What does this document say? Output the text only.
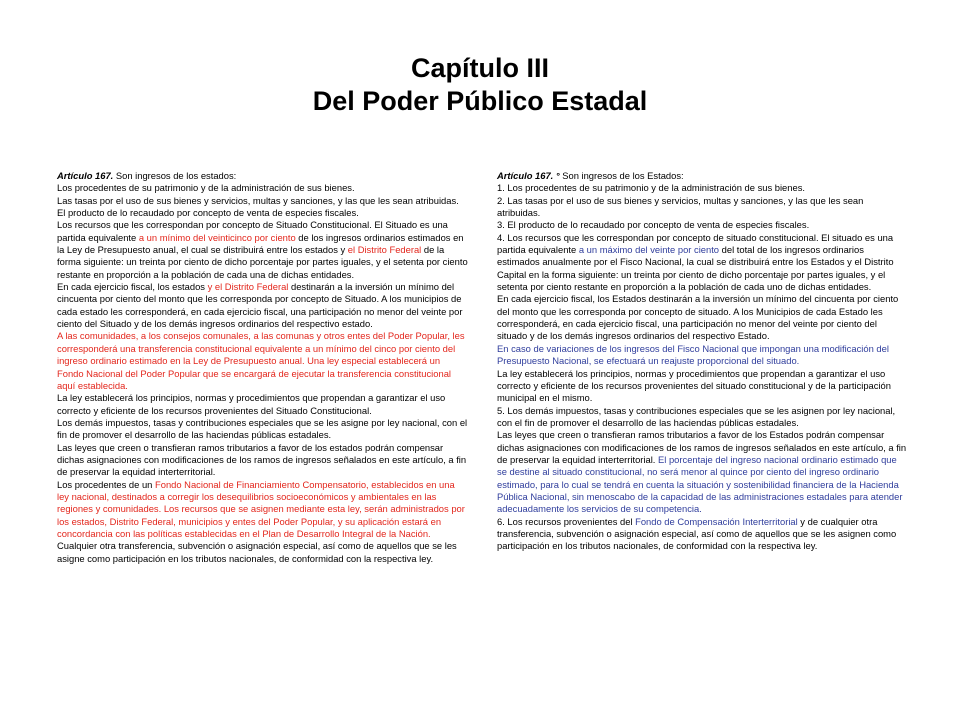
Capítulo III
Del Poder Público Estadal

Artículo 167. Son ingresos de los estados:

Los procedentes de su patrimonio y de la administración de sus bienes.

Las tasas por el uso de sus bienes y servicios, multas y sanciones, y las que les sean atribuidas.

El producto de lo recaudado por concepto de venta de especies fiscales.

Los recursos que les correspondan por concepto de Situado Constitucional. El Situado es una partida equivalente a un mínimo del veinticinco por ciento de los ingresos ordinarios estimados en la Ley de Presupuesto anual, el cual se distribuirá entre los estados y el Distrito Federal de la forma siguiente: un treinta por ciento de dicho porcentaje por partes iguales, y el setenta por ciento restante en proporción a la población de cada una de dichas entidades.

En cada ejercicio fiscal, los estados y el Distrito Federal destinarán a la inversión un mínimo del cincuenta por ciento del monto que les corresponda por concepto de Situado. A los municipios de cada estado les corresponderá, en cada ejercicio fiscal, una participación no menor del veinte por ciento del Situado y de los demás ingresos ordinarios del respectivo estado.

A las comunidades, a los consejos comunales, a las comunas y otros entes del Poder Popular, les corresponderá una transferencia constitucional equivalente a un mínimo del cinco por ciento del ingreso ordinario estimado en la Ley de Presupuesto anual. Una ley especial establecerá un Fondo Nacional del Poder Popular que se encargará de ejecutar la transferencia constitucional aquí establecida.

La ley establecerá los principios, normas y procedimientos que propendan a garantizar el uso correcto y eficiente de los recursos provenientes del Situado Constitucional.

Los demás impuestos, tasas y contribuciones especiales que se les asigne por ley nacional, con el fin de promover el desarrollo de las haciendas públicas estadales.

Las leyes que creen o transfieran ramos tributarios a favor de los estados podrán compensar dichas asignaciones con modificaciones de los ramos de ingresos señalados en este artículo, a fin de preservar la equidad interterritorial.

Los procedentes de un Fondo Nacional de Financiamiento Compensatorio, establecidos en una ley nacional, destinados a corregir los desequilibrios socioeconómicos y ambientales en las regiones y comunidades. Los recursos que se asignen mediante esta ley, serán administrados por los estados, Distrito Federal, municipios y entes del Poder Popular, y su aplicación estará en concordancia con las políticas establecidas en el Plan de Desarrollo Integral de la Nación.

Cualquier otra transferencia, subvención o asignación especial, así como de aquellos que se les asigne como participación en los tributos nacionales, de conformidad con la respectiva ley.

Artículo 167. ° Son ingresos de los Estados:

1. Los procedentes de su patrimonio y de la administración de sus bienes.

2. Las tasas por el uso de sus bienes y servicios, multas y sanciones, y las que les sean atribuidas.

3. El producto de lo recaudado por concepto de venta de especies fiscales.

4. Los recursos que les correspondan por concepto de situado constitucional. El situado es una partida equivalente a un máximo del veinte por ciento del total de los ingresos ordinarios estimados anualmente por el Fisco Nacional, la cual se distribuirá entre los Estados y el Distrito Capital en la forma siguiente: un treinta por ciento de dicho porcentaje por partes iguales, y el setenta por ciento restante en proporción a la población de cada uno de dichas entidades.

En cada ejercicio fiscal, los Estados destinarán a la inversión un mínimo del cincuenta por ciento del monto que les corresponda por concepto de situado. A los Municipios de cada Estado les corresponderá, en cada ejercicio fiscal, una participación no menor del veinte por ciento del situado y de los demás ingresos ordinarios del respectivo Estado.

En caso de variaciones de los ingresos del Fisco Nacional que impongan una modificación del Presupuesto Nacional, se efectuará un reajuste proporcional del situado.

La ley establecerá los principios, normas y procedimientos que propendan a garantizar el uso correcto y eficiente de los recursos provenientes del situado constitucional y de la participación municipal en el mismo.

5. Los demás impuestos, tasas y contribuciones especiales que se les asignen por ley nacional, con el fin de promover el desarrollo de las haciendas públicas estadales.

Las leyes que creen o transfieran ramos tributarios a favor de los Estados podrán compensar dichas asignaciones con modificaciones de los ramos de ingresos señalados en este artículo, a fin de preservar la equidad interterritorial. El porcentaje del ingreso nacional ordinario estimado que se destine al situado constitucional, no será menor al quince por ciento del ingreso ordinario estimado, para lo cual se tendrá en cuenta la situación y sostenibilidad financiera de la Hacienda Pública Nacional, sin menoscabo de la capacidad de las administraciones estadales para atender adecuadamente los servicios de su competencia.

6. Los recursos provenientes del Fondo de Compensación Interterritorial y de cualquier otra transferencia, subvención o asignación especial, así como de aquellos que se les asignen como participación en los tributos nacionales, de conformidad con la respectiva ley.
